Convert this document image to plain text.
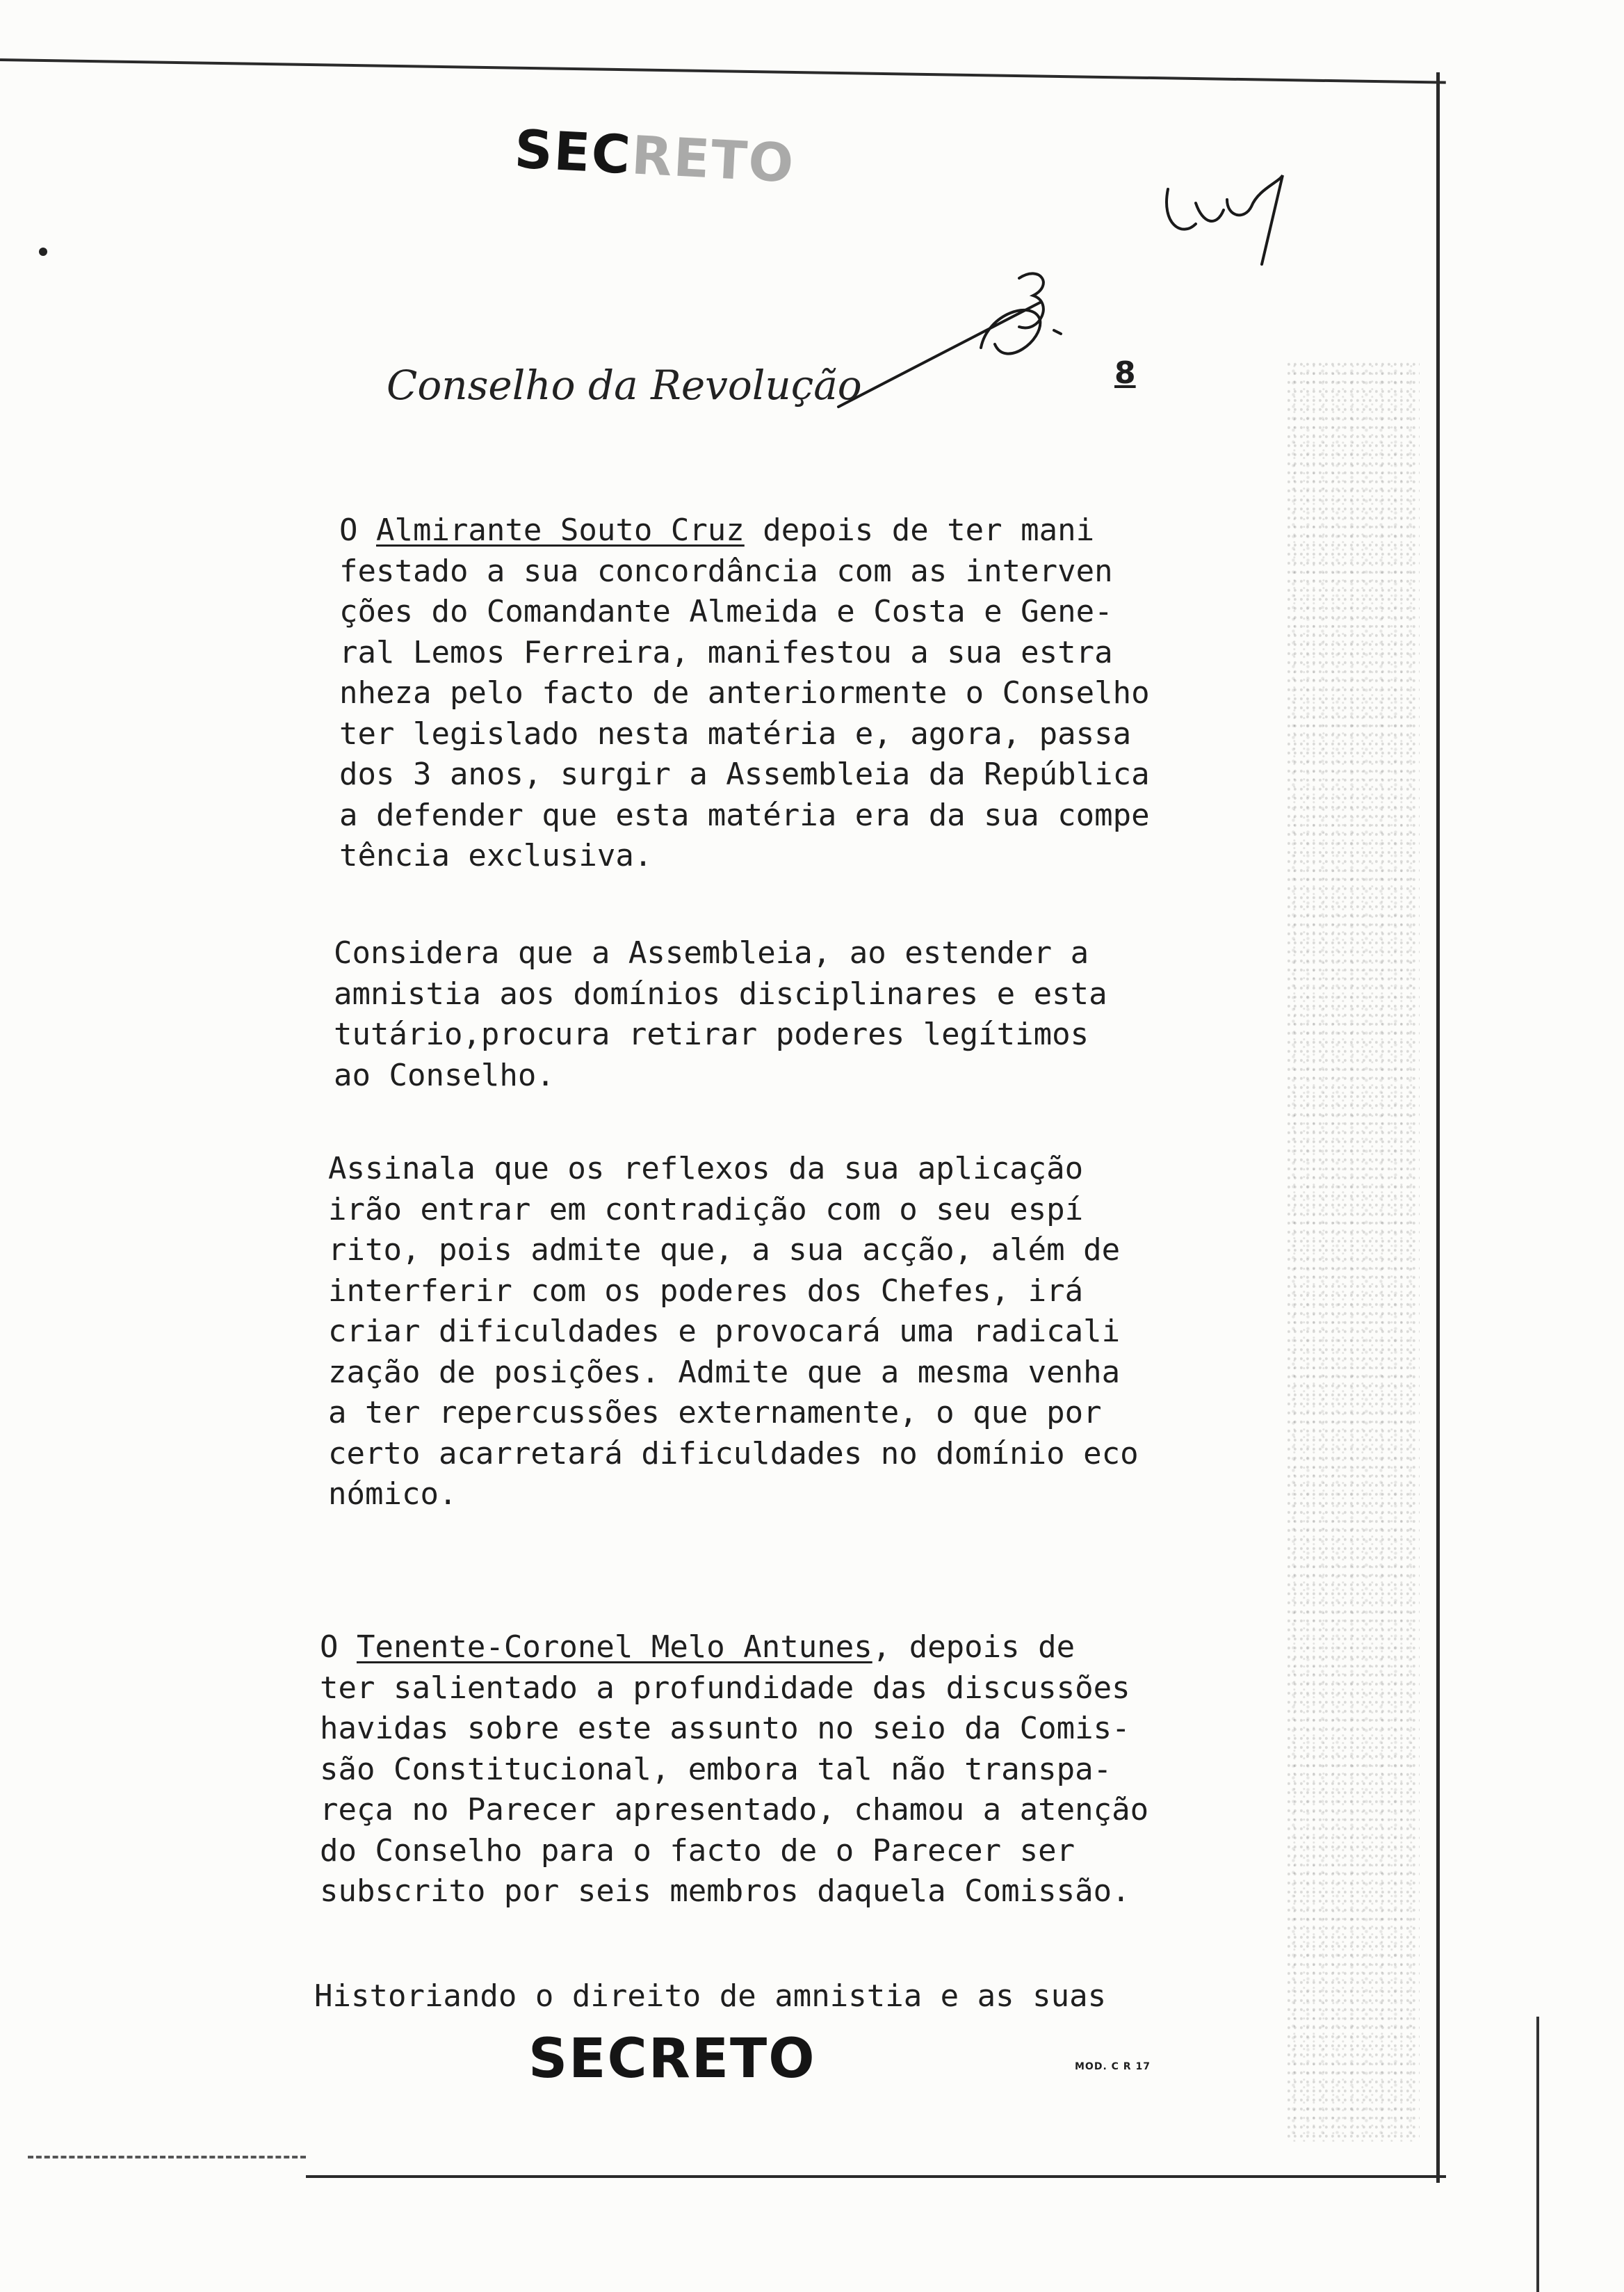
SECRETO
Conselho da Revolução	8
O Almirante Souto Cruz depois de ter mani
festado a sua concordância com as interven
ções do Comandante Almeida e Costa e Gene-
ral Lemos Ferreira, manifestou a sua estra
nheza pelo facto de anteriormente o Conselho
ter legislado nesta matéria e, agora, passa
dos 3 anos, surgir a Assembleia da República
a defender que esta matéria era da sua compe
tência exclusiva.
Considera que a Assembleia, ao estender a
amnistia aos domínios disciplinares e esta
tutário,procura retirar poderes legítimos
ao Conselho.
Assinala que os reflexos da sua aplicação
irão entrar em contradição com o seu espí
rito, pois admite que, a sua acção, além de
interferir com os poderes dos Chefes, irá
criar dificuldades e provocará uma radicali
zação de posições. Admite que a mesma venha
a ter repercussões externamente, o que por
certo acarretará dificuldades no domínio eco
nómico.
O Tenente-Coronel Melo Antunes, depois de
ter salientado a profundidade das discussões
havidas sobre este assunto no seio da Comis-
são Constitucional, embora tal não transpa-
reça no Parecer apresentado, chamou a atenção
do Conselho para o facto de o Parecer ser
subscrito por seis membros daquela Comissão.
Historiando o direito de amnistia e as suas
SECRETO	MOD. C R 17
